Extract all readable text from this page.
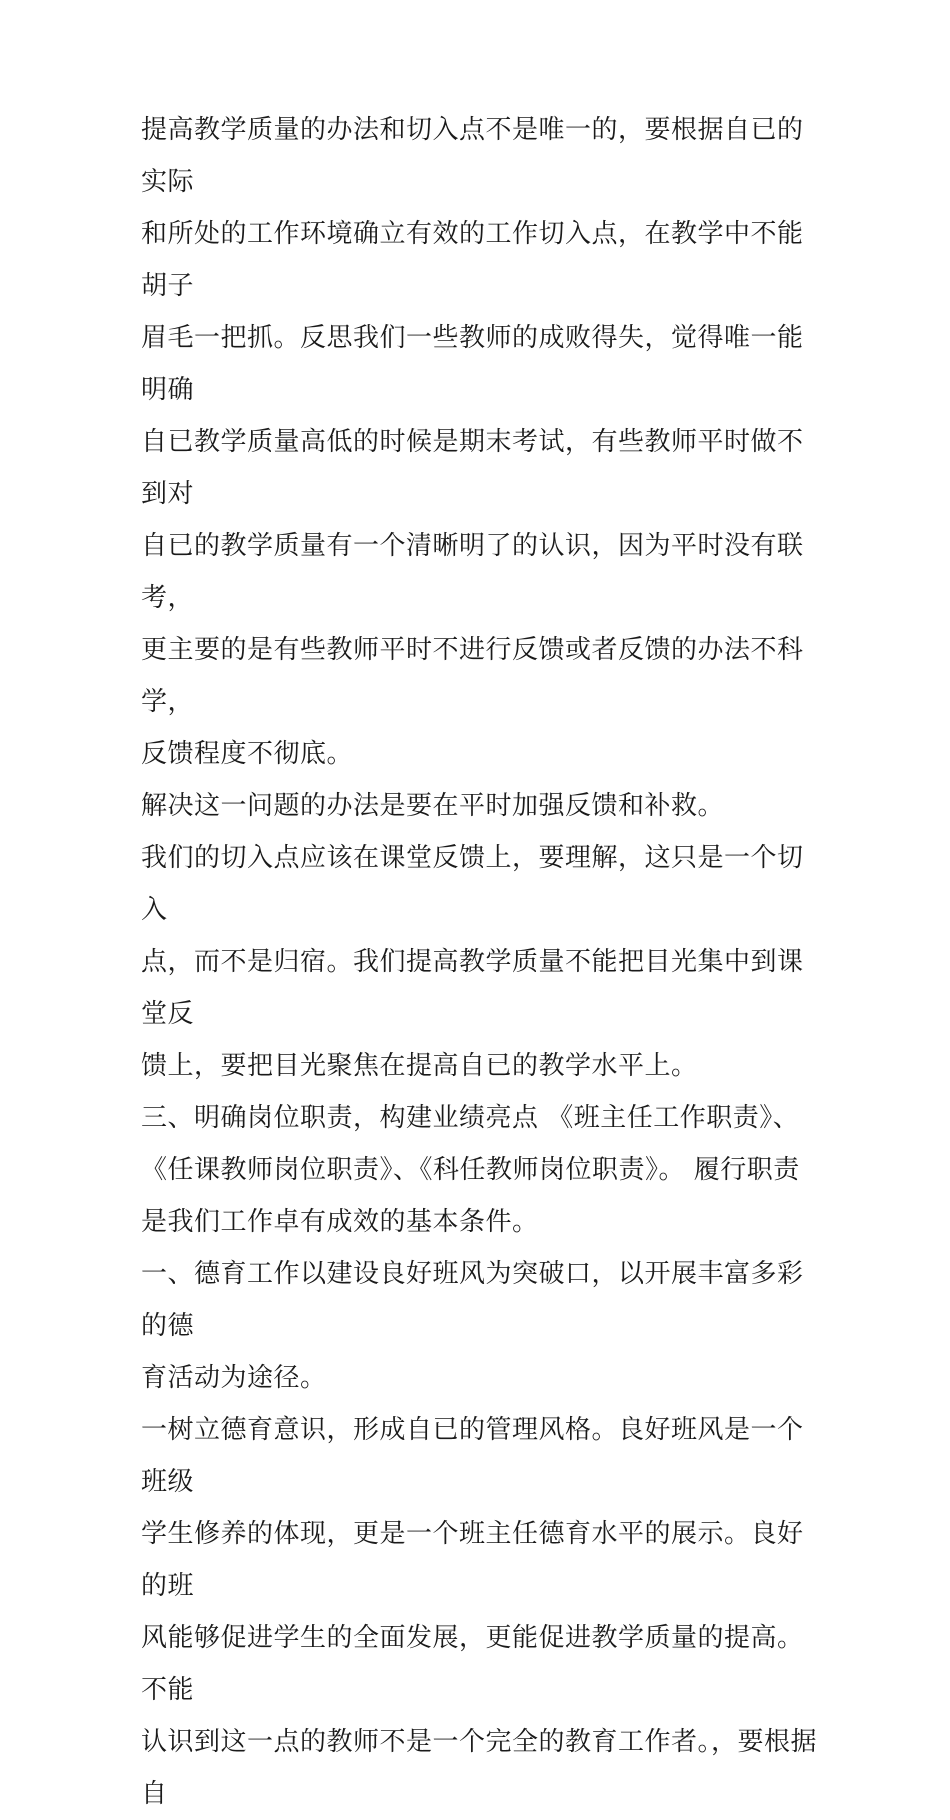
提高教学质量的办法和切入点不是唯一的，要根据自已的实际
和所处的工作环境确立有效的工作切入点，在教学中不能胡子
眉毛一把抓。反思我们一些教师的成败得失，觉得唯一能明确
自已教学质量高低的时候是期末考试，有些教师平时做不到对
自已的教学质量有一个清晰明了的认识，因为平时没有联考，
更主要的是有些教师平时不进行反馈或者反馈的办法不科学，
反馈程度不彻底。

解决这一问题的办法是要在平时加强反馈和补救。

我们的切入点应该在课堂反馈上，要理解，这只是一个切入
点，而不是归宿。我们提高教学质量不能把目光集中到课堂反
馈上，要把目光聚焦在提高自已的教学水平上。

三、明确岗位职责，构建业绩亮点 《班主任工作职责》、
《任课教师岗位职责》、《科任教师岗位职责》。 履行职责
是我们工作卓有成效的基本条件。

一、德育工作以建设良好班风为突破口，以开展丰富多彩的德
育活动为途径。

一树立德育意识，形成自已的管理风格。良好班风是一个班级
学生修养的体现，更是一个班主任德育水平的展示。良好的班
风能够促进学生的全面发展，更能促进教学质量的提高。不能
认识到这一点的教师不是一个完全的教育工作者。，要根据自
